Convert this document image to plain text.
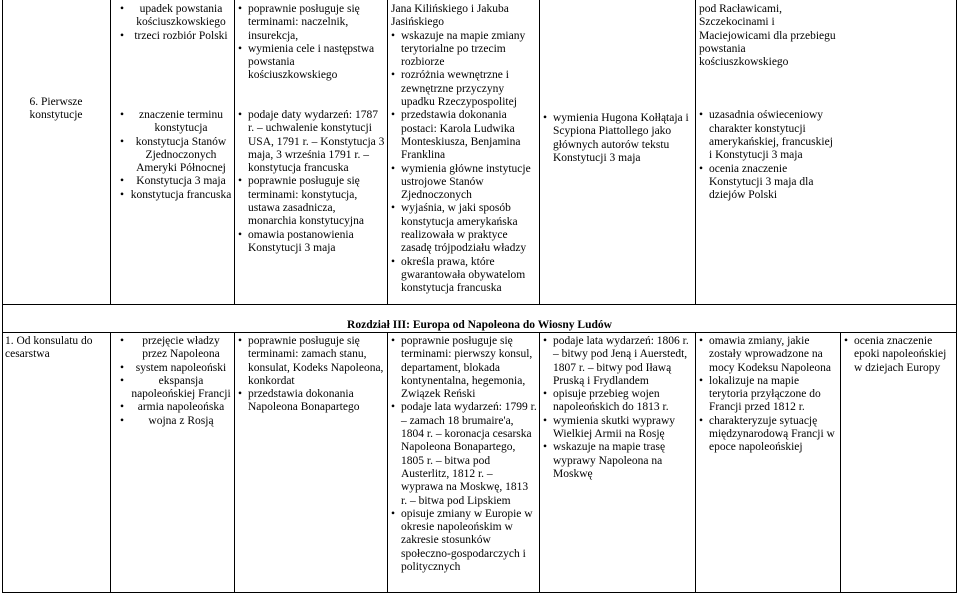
6. Pierwsze konstytucje

• upadek powstania kościuszkowskiego
• trzeci rozbiór Polski
• znaczenie terminu konstytucja
• konstytucja Stanów Zjednoczonych Ameryki Północnej
• Konstytucja 3 maja
• konstytucja francuska
• poprawnie posługuje się terminami: naczelnik, insurekcja,
• wymienia cele i następstwa powstania kościuszkowskiego
• podaje daty wydarzeń: 1787 r. – uchwalenie konstytucji USA, 1791 r. – Konstytucja 3 maja, 3 września 1791 r. – konstytucja francuska
• poprawnie posługuje się terminami: konstytucja, ustawa zasadnicza, monarchia konstytucyjna
• omawia postanowienia Konstytucji 3 maja

Jana Kilińskiego i Jakuba Jasińskiego

• wskazuje na mapie zmiany terytorialne po trzecim rozbiorze
• rozróżnia wewnętrzne i zewnętrzne przyczyny upadku Rzeczypospolitej
• przedstawia dokonania postaci: Karola Ludwika Monteskiusza, Benjamina Franklina
• wymienia główne instytucje ustrojowe Stanów Zjednoczonych
• wyjaśnia, w jaki sposób konstytucja amerykańska realizowała w praktyce zasadę trójpodziału władzy
• określa prawa, które gwarantowała obywatelom konstytucja francuska
• wymienia Hugona Kołłątaja i Scypiona Piattollego jako głównych autorów tekstu Konstytucji 3 maja

pod Racławicami, Szczekocinami i Maciejowicami dla przebiegu powstania kościuszkowskiego

• uzasadnia oświeceniowy charakter konstytucji amerykańskiej, francuskiej i Konstytucji 3 maja
• ocenia znaczenie Konstytucji 3 maja dla dziejów Polski
Rozdział III: Europa od Napoleona do Wiosny Ludów

1. Od konsulatu do cesarstwa

• przejęcie władzy przez Napoleona
• system napoleoński
• ekspansja napoleońskiej Francji
• armia napoleońska
• wojna z Rosją
• poprawnie posługuje się terminami: zamach stanu, konsulat, Kodeks Napoleona, konkordat
• przedstawia dokonania Napoleona Bonapartego
• poprawnie posługuje się terminami: pierwszy konsul, departament, blokada kontynentalna, hegemonia, Związek Reński
• podaje lata wydarzeń: 1799 r. – zamach 18 brumaire'a, 1804 r. – koronacja cesarska Napoleona Bonapartego, 1805 r. – bitwa pod Austerlitz, 1812 r. – wyprawa na Moskwę, 1813 r. – bitwa pod Lipskiem
• opisuje zmiany w Europie w okresie napoleońskim w zakresie stosunków społeczno-gospodarczych i politycznych
• podaje lata wydarzeń: 1806 r. – bitwy pod Jeną i Auerstedt, 1807 r. – bitwy pod Iławą Pruską i Frydlandem
• opisuje przebieg wojen napoleońskich do 1813 r.
• wymienia skutki wyprawy Wielkiej Armii na Rosję
• wskazuje na mapie trasę wyprawy Napoleona na Moskwę
• omawia zmiany, jakie zostały wprowadzone na mocy Kodeksu Napoleona
• lokalizuje na mapie terytoria przyłączone do Francji przed 1812 r.
• charakteryzuje sytuację międzynarodową Francji w epoce napoleońskiej
• ocenia znaczenie epoki napoleońskiej w dziejach Europy
